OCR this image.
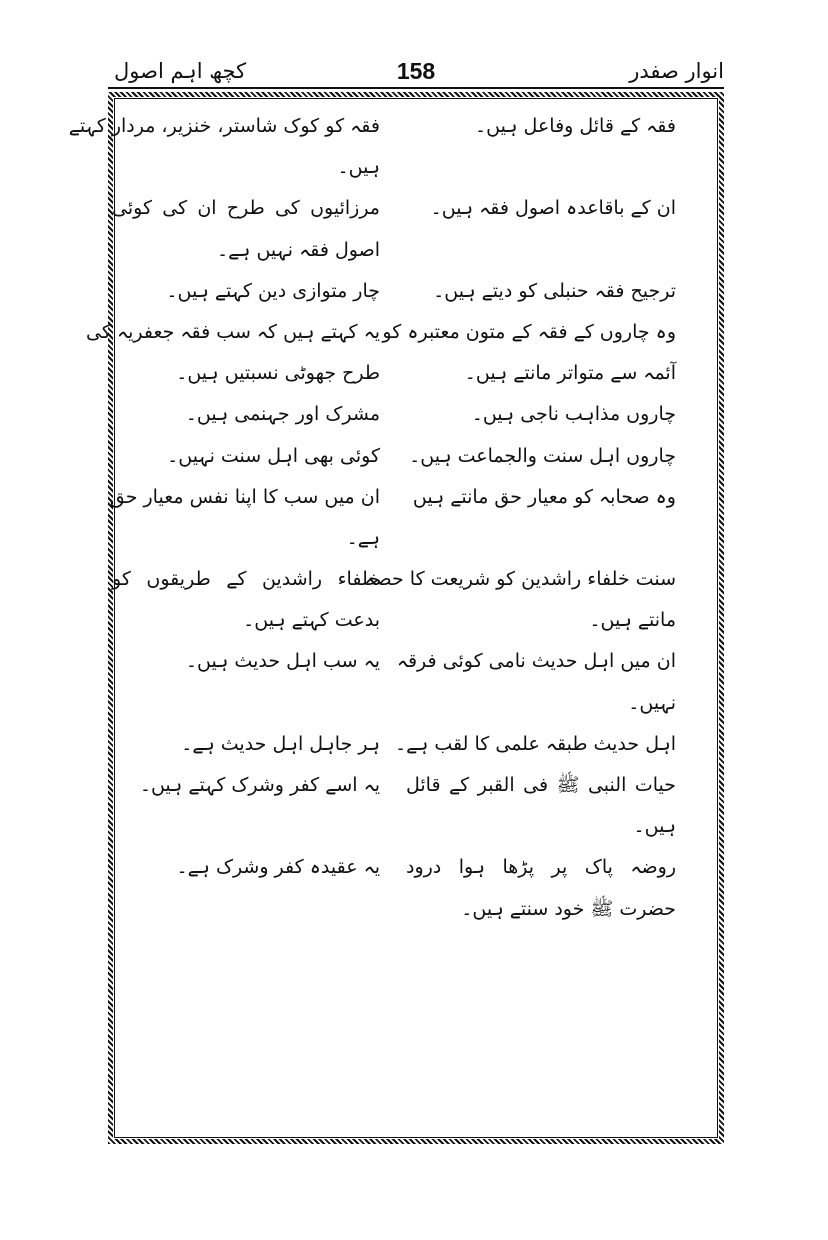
انوار صفدر
158
کچھ اہم اصول
فقہ کے قائل وفاعل ہیں۔
ان کے باقاعدہ اصول فقہ ہیں۔
ترجیح فقہ حنبلی کو دیتے ہیں۔
وہ چاروں کے فقہ کے متون معتبرہ کو
آئمہ سے متواتر مانتے ہیں۔
چاروں مذاہب ناجی ہیں۔
چاروں اہل سنت والجماعت ہیں۔
وہ صحابہ کو معیار حق مانتے ہیں
سنت خلفاء راشدین کو شریعت کا حصہ
مانتے ہیں۔
ان میں اہل حدیث نامی کوئی فرقہ
نہیں۔
اہل حدیث طبقہ علمی کا لقب ہے۔
حیات النبی ﷺ فی القبر کے قائل
ہیں۔
روضہ پاک پر پڑھا ہوا درود
حضرت ﷺ خود سنتے ہیں۔
فقہ کو کوک شاستر، خنزیر، مردار کہتے
ہیں۔
مرزائیوں کی طرح ان کی کوئی
اصول فقہ نہیں ہے۔
چار متوازی دین کہتے ہیں۔
یہ کہتے ہیں کہ سب فقہ جعفریہ کی
طرح جھوٹی نسبتیں ہیں۔
مشرک اور جہنمی ہیں۔
کوئی بھی اہل سنت نہیں۔
ان میں سب کا اپنا نفس معیار حق
ہے۔
خلفاء راشدین کے طریقوں کو
بدعت کہتے ہیں۔
یہ سب اہل حدیث ہیں۔
ہر جاہل اہل حدیث ہے۔
یہ اسے کفر وشرک کہتے ہیں۔
یہ عقیدہ کفر وشرک ہے۔
